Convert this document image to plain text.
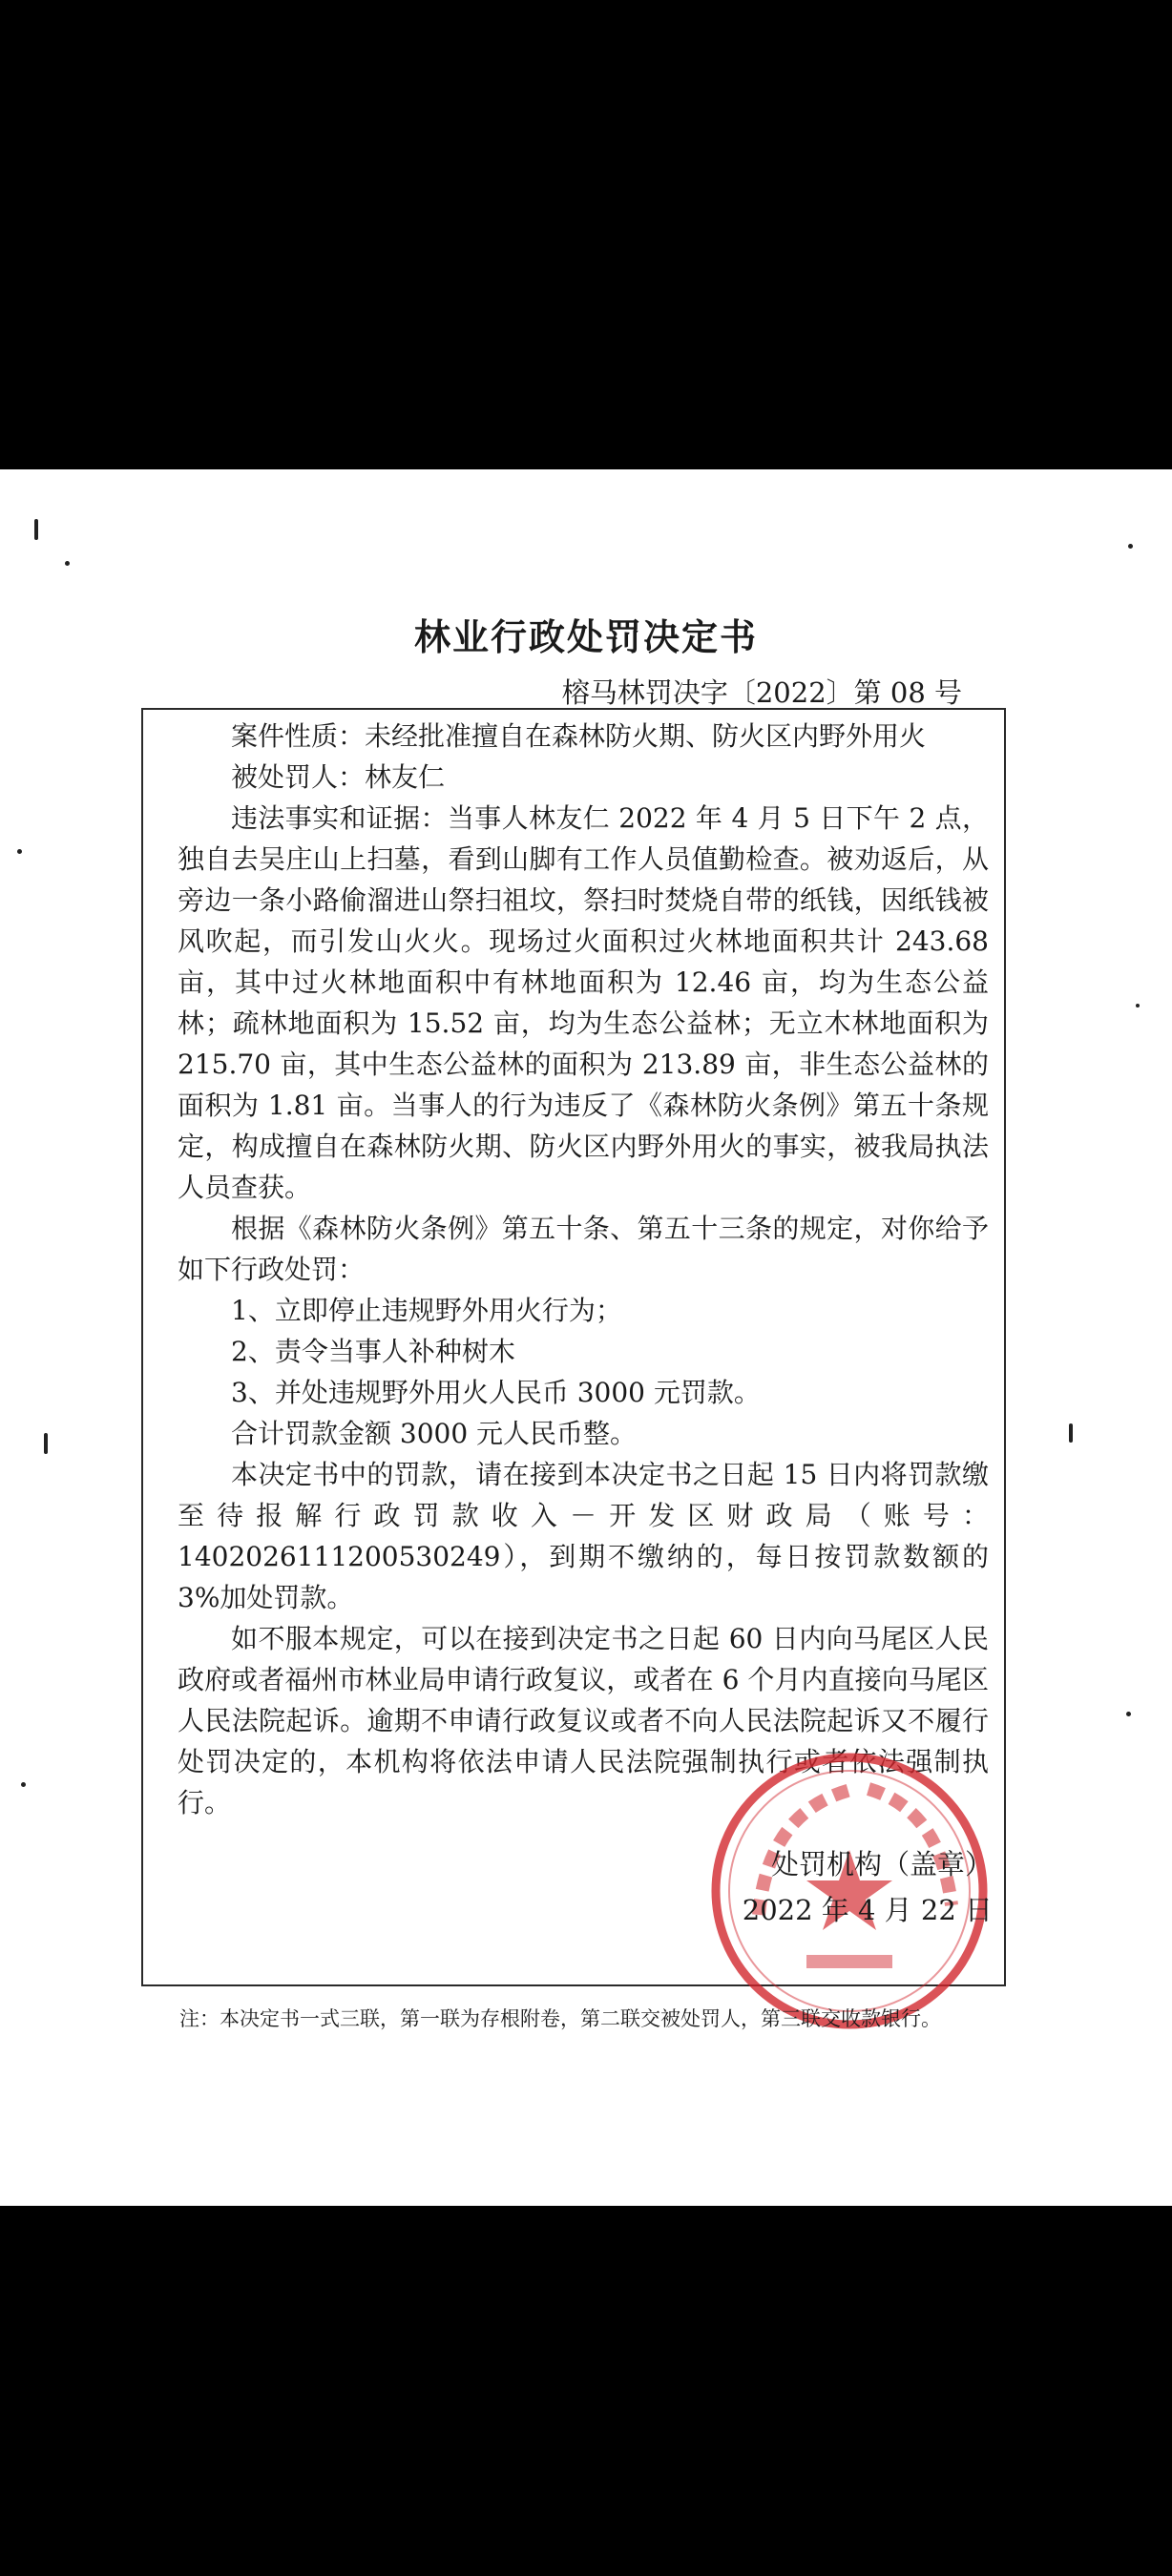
林业行政处罚决定书
榕马林罚决字〔2022〕第 08 号

案件性质：未经批准擅自在森林防火期、防火区内野外用火

被处罚人：林友仁

违法事实和证据：当事人林友仁 2022 年 4 月 5 日下午 2 点，独自去吴庄山上扫墓，看到山脚有工作人员值勤检查。被劝返后，从旁边一条小路偷溜进山祭扫祖坟，祭扫时焚烧自带的纸钱，因纸钱被风吹起，而引发山火火。现场过火面积过火林地面积共计 243.68 亩，其中过火林地面积中有林地面积为 12.46 亩，均为生态公益林；疏林地面积为 15.52 亩，均为生态公益林；无立木林地面积为 215.70 亩，其中生态公益林的面积为 213.89 亩，非生态公益林的面积为 1.81 亩。当事人的行为违反了《森林防火条例》第五十条规定，构成擅自在森林防火期、防火区内野外用火的事实，被我局执法人员查获。

根据《森林防火条例》第五十条、第五十三条的规定，对你给予如下行政处罚：

1、立即停止违规野外用火行为；

2、责令当事人补种树木

3、并处违规野外用火人民币 3000 元罚款。

合计罚款金额 3000 元人民币整。

本决定书中的罚款，请在接到本决定书之日起 15 日内将罚款缴至待报解行政罚款收入－开发区财政局（账号：1402026111200530249），到期不缴纳的，每日按罚款数额的 3%加处罚款。

如不服本规定，可以在接到决定书之日起 60 日内向马尾区人民政府或者福州市林业局申请行政复议，或者在 6 个月内直接向马尾区人民法院起诉。逾期不申请行政复议或者不向人民法院起诉又不履行处罚决定的，本机构将依法申请人民法院强制执行或者依法强制执行。

处罚机构（盖章）
2022 年 4 月 22 日
注：本决定书一式三联，第一联为存根附卷，第二联交被处罚人，第三联交收款银行。
